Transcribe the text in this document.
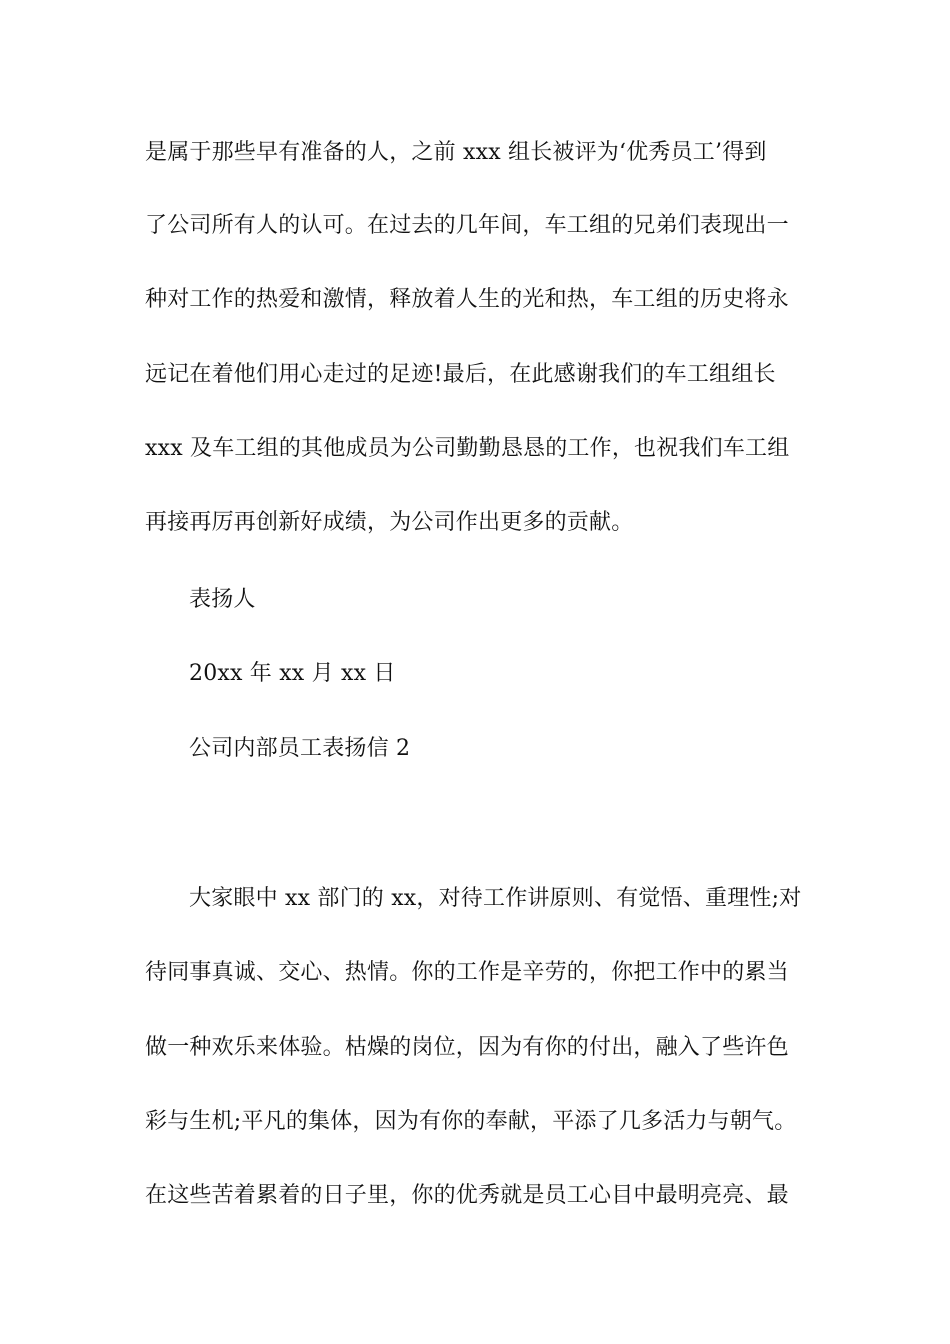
是属于那些早有准备的人，之前 xxx 组长被评为‘优秀员工’得到
了公司所有人的认可。在过去的几年间，车工组的兄弟们表现出一
种对工作的热爱和激情，释放着人生的光和热，车工组的历史将永
远记在着他们用心走过的足迹!最后，在此感谢我们的车工组组长
xxx 及车工组的其他成员为公司勤勤恳恳的工作，也祝我们车工组
再接再厉再创新好成绩，为公司作出更多的贡献。
表扬人
20xx 年 xx 月 xx 日
公司内部员工表扬信 2
大家眼中 xx 部门的 xx，对待工作讲原则、有觉悟、重理性;对
待同事真诚、交心、热情。你的工作是辛劳的，你把工作中的累当
做一种欢乐来体验。枯燥的岗位，因为有你的付出，融入了些许色
彩与生机;平凡的集体，因为有你的奉献，平添了几多活力与朝气。
在这些苦着累着的日子里，你的优秀就是员工心目中最明亮亮、最
